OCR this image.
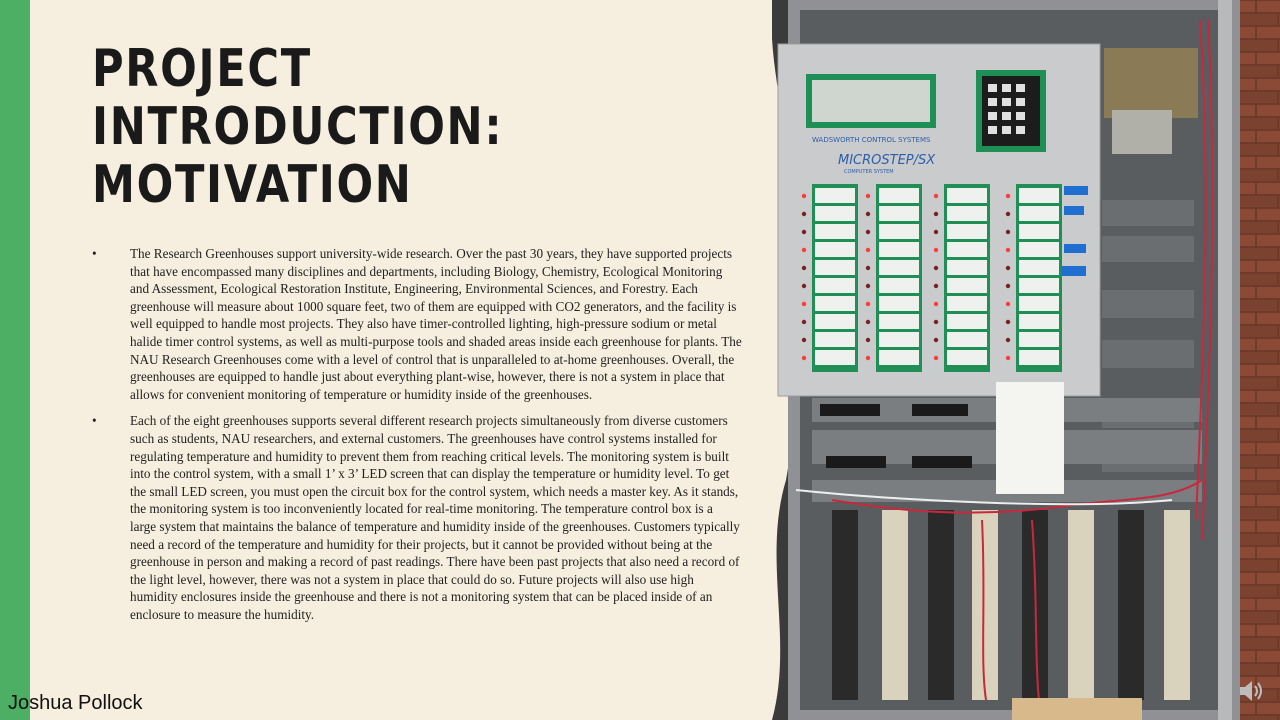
PROJECT INTRODUCTION:
MOTIVATION
•	The Research Greenhouses support university-wide research. Over the past 30 years, they have supported projects that have encompassed many disciplines and departments, including Biology, Chemistry, Ecological Monitoring and Assessment, Ecological Restoration Institute, Engineering, Environmental Sciences, and Forestry. Each greenhouse will measure about 1000 square feet, two of them are equipped with CO2 generators, and the facility is well equipped to handle most projects. They also have timer-controlled lighting, high-pressure sodium or metal halide timer control systems, as well as multi-purpose tools and shaded areas inside each greenhouse for plants. The NAU Research Greenhouses come with a level of control that is unparalleled to at-home greenhouses. Overall, the greenhouses are equipped to handle just about everything plant-wise, however, there is not a system in place that allows for convenient monitoring of temperature or humidity inside of the greenhouses.
•	Each of the eight greenhouses supports several different research projects simultaneously from diverse customers such as students, NAU researchers, and external customers. The greenhouses have control systems installed for regulating temperature and humidity to prevent them from reaching critical levels. The monitoring system is built into the control system, with a small 1’ x 3’ LED screen that can display the temperature or humidity level. To get the small LED screen, you must open the circuit box for the control system, which needs a master key. As it stands, the monitoring system is too inconveniently located for real-time monitoring. The temperature control box is a large system that maintains the balance of temperature and humidity inside of the greenhouses. Customers typically need a record of the temperature and humidity for their projects, but it cannot be provided without being at the greenhouse in person and making a record of past readings. There have been past projects that also need a record of the light level, however, there was not a system in place that could do so. Future projects will also use high humidity enclosures inside the greenhouse and there is not a monitoring system that can be placed inside of an enclosure to measure the humidity.
Joshua Pollock
WADSWORTH CONTROL SYSTEMS
MICROSTEP/SX
COMPUTER SYSTEM
